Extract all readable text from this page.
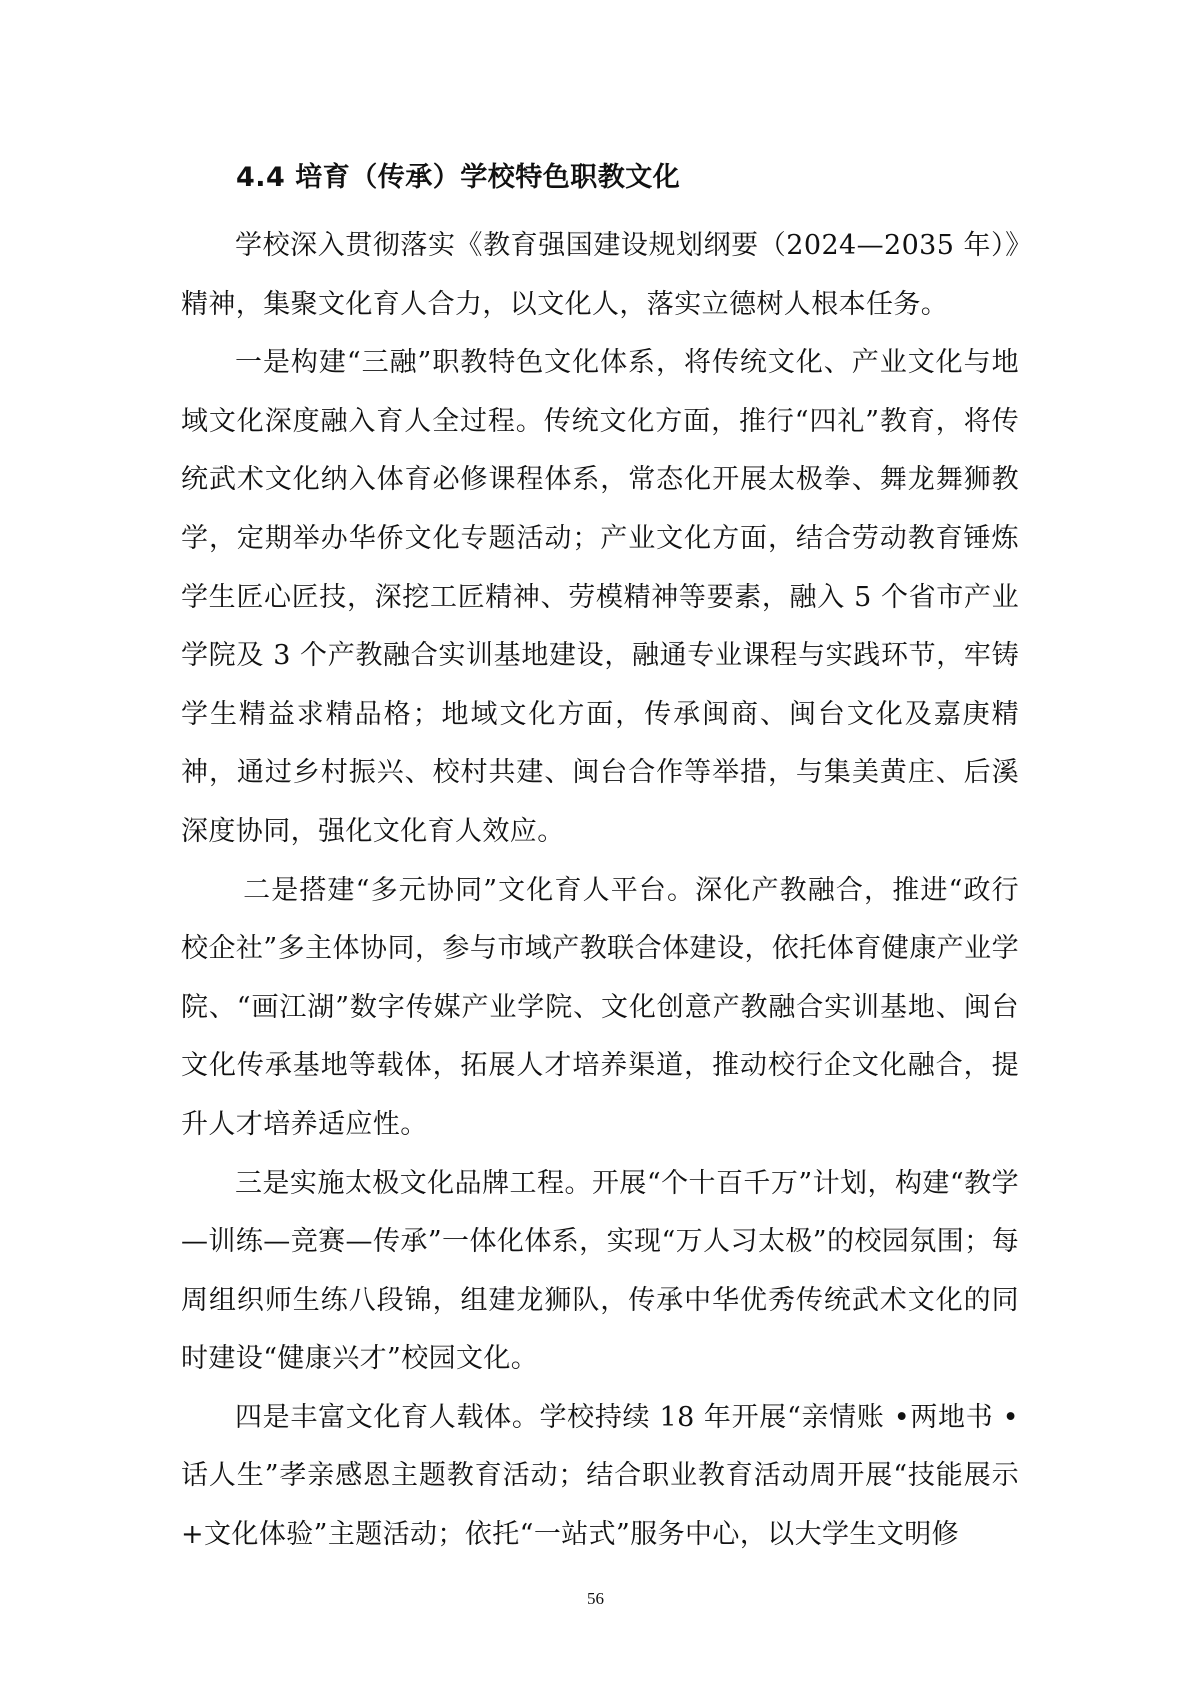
4.4 培育（传承）学校特色职教文化

学校深入贯彻落实《教育强国建设规划纲要（2024—2035 年）》精神，集聚文化育人合力，以文化人，落实立德树人根本任务。

一是构建“三融”职教特色文化体系，将传统文化、产业文化与地域文化深度融入育人全过程。传统文化方面，推行“四礼”教育，将传统武术文化纳入体育必修课程体系，常态化开展太极拳、舞龙舞狮教学，定期举办华侨文化专题活动；产业文化方面，结合劳动教育锤炼学生匠心匠技，深挖工匠精神、劳模精神等要素，融入 5 个省市产业学院及 3 个产教融合实训基地建设，融通专业课程与实践环节，牢铸学生精益求精品格；地域文化方面，传承闽商、闽台文化及嘉庚精神，通过乡村振兴、校村共建、闽台合作等举措，与集美黄庄、后溪深度协同，强化文化育人效应。

二是搭建“多元协同”文化育人平台。深化产教融合，推进“政行校企社”多主体协同，参与市域产教联合体建设，依托体育健康产业学院、“画江湖”数字传媒产业学院、文化创意产教融合实训基地、闽台文化传承基地等载体，拓展人才培养渠道，推动校行企文化融合，提升人才培养适应性。

三是实施太极文化品牌工程。开展“个十百千万”计划，构建“教学—训练—竞赛—传承”一体化体系，实现“万人习太极”的校园氛围；每周组织师生练八段锦，组建龙狮队，传承中华优秀传统武术文化的同时建设“健康兴才”校园文化。

四是丰富文化育人载体。学校持续 18 年开展“亲情账 •两地书 •话人生”孝亲感恩主题教育活动；结合职业教育活动周开展“技能展示+文化体验”主题活动；依托“一站式”服务中心，以大学生文明修

56
